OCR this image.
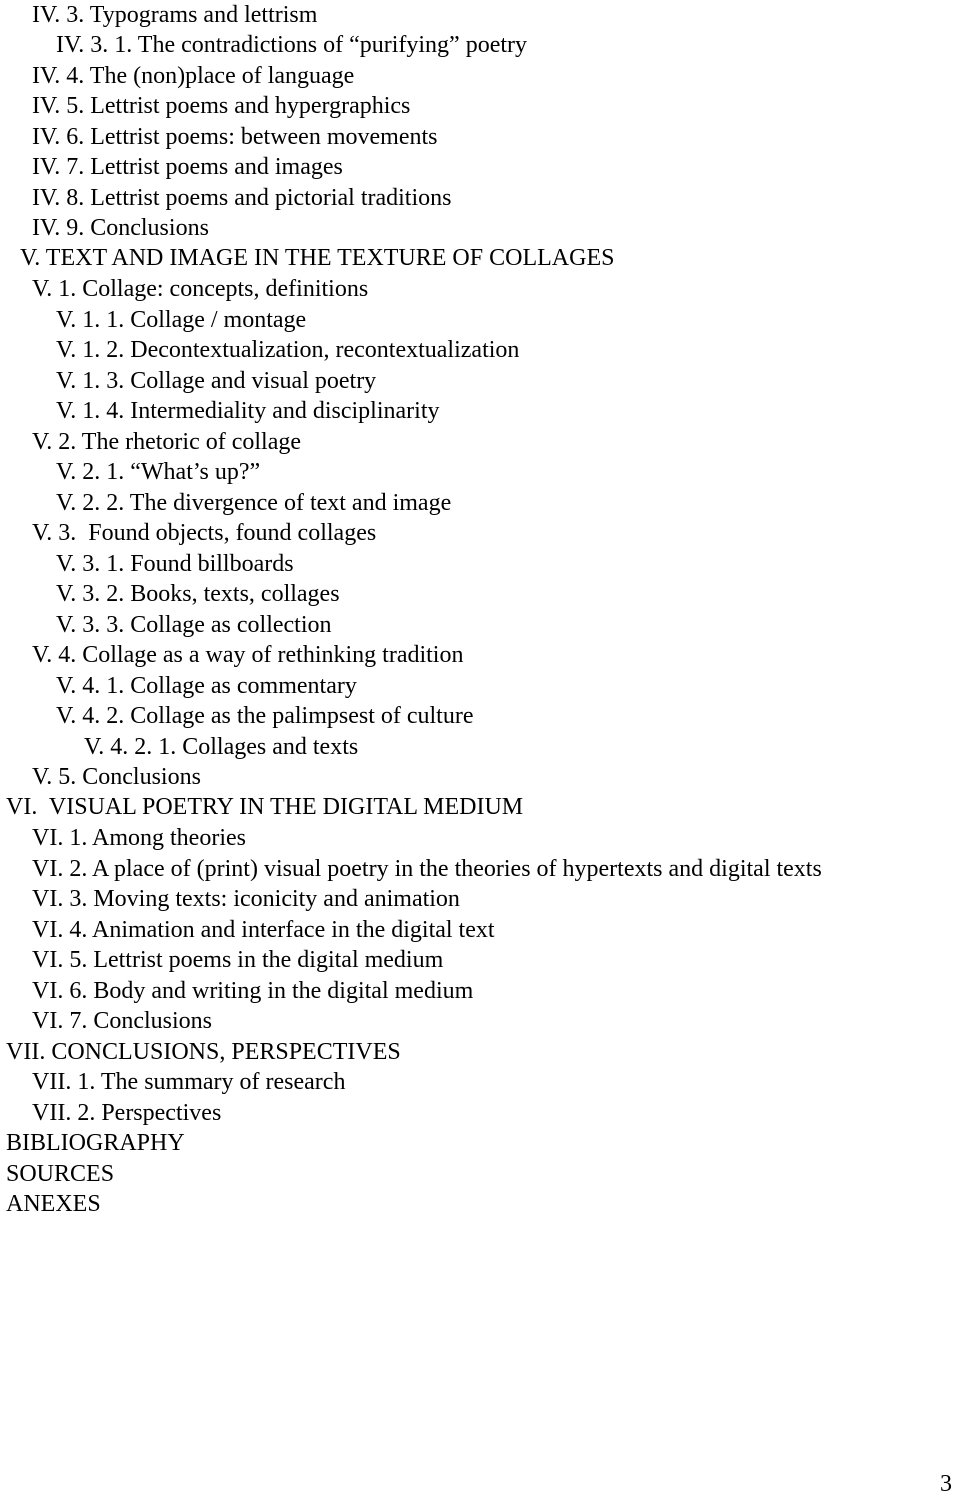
IV. 3. Typograms and lettrism

IV. 3. 1. The contradictions of “purifying” poetry

IV. 4. The (non)place of language

IV. 5. Lettrist poems and hypergraphics

IV. 6. Lettrist poems: between movements

IV. 7. Lettrist poems and images

IV. 8. Lettrist poems and pictorial traditions

IV. 9. Conclusions

V. TEXT AND IMAGE IN THE TEXTURE OF COLLAGES

V. 1. Collage: concepts, definitions

V. 1. 1. Collage / montage

V. 1. 2. Decontextualization, recontextualization

V. 1. 3. Collage and visual poetry

V. 1. 4. Intermediality and disciplinarity

V. 2. The rhetoric of collage

V. 2. 1. “What’s up?”

V. 2. 2. The divergence of text and image

V. 3.  Found objects, found collages

V. 3. 1. Found billboards

V. 3. 2. Books, texts, collages

V. 3. 3. Collage as collection

V. 4. Collage as a way of rethinking tradition

V. 4. 1. Collage as commentary

V. 4. 2. Collage as the palimpsest of culture

V. 4. 2. 1. Collages and texts

V. 5. Conclusions

VI.  VISUAL POETRY IN THE DIGITAL MEDIUM

VI. 1. Among theories

VI. 2. A place of (print) visual poetry in the theories of hypertexts and digital texts

VI. 3. Moving texts: iconicity and animation

VI. 4. Animation and interface in the digital text

VI. 5. Lettrist poems in the digital medium

VI. 6. Body and writing in the digital medium

VI. 7. Conclusions

VII. CONCLUSIONS, PERSPECTIVES

VII. 1. The summary of research

VII. 2. Perspectives

BIBLIOGRAPHY

SOURCES

ANEXES

3
